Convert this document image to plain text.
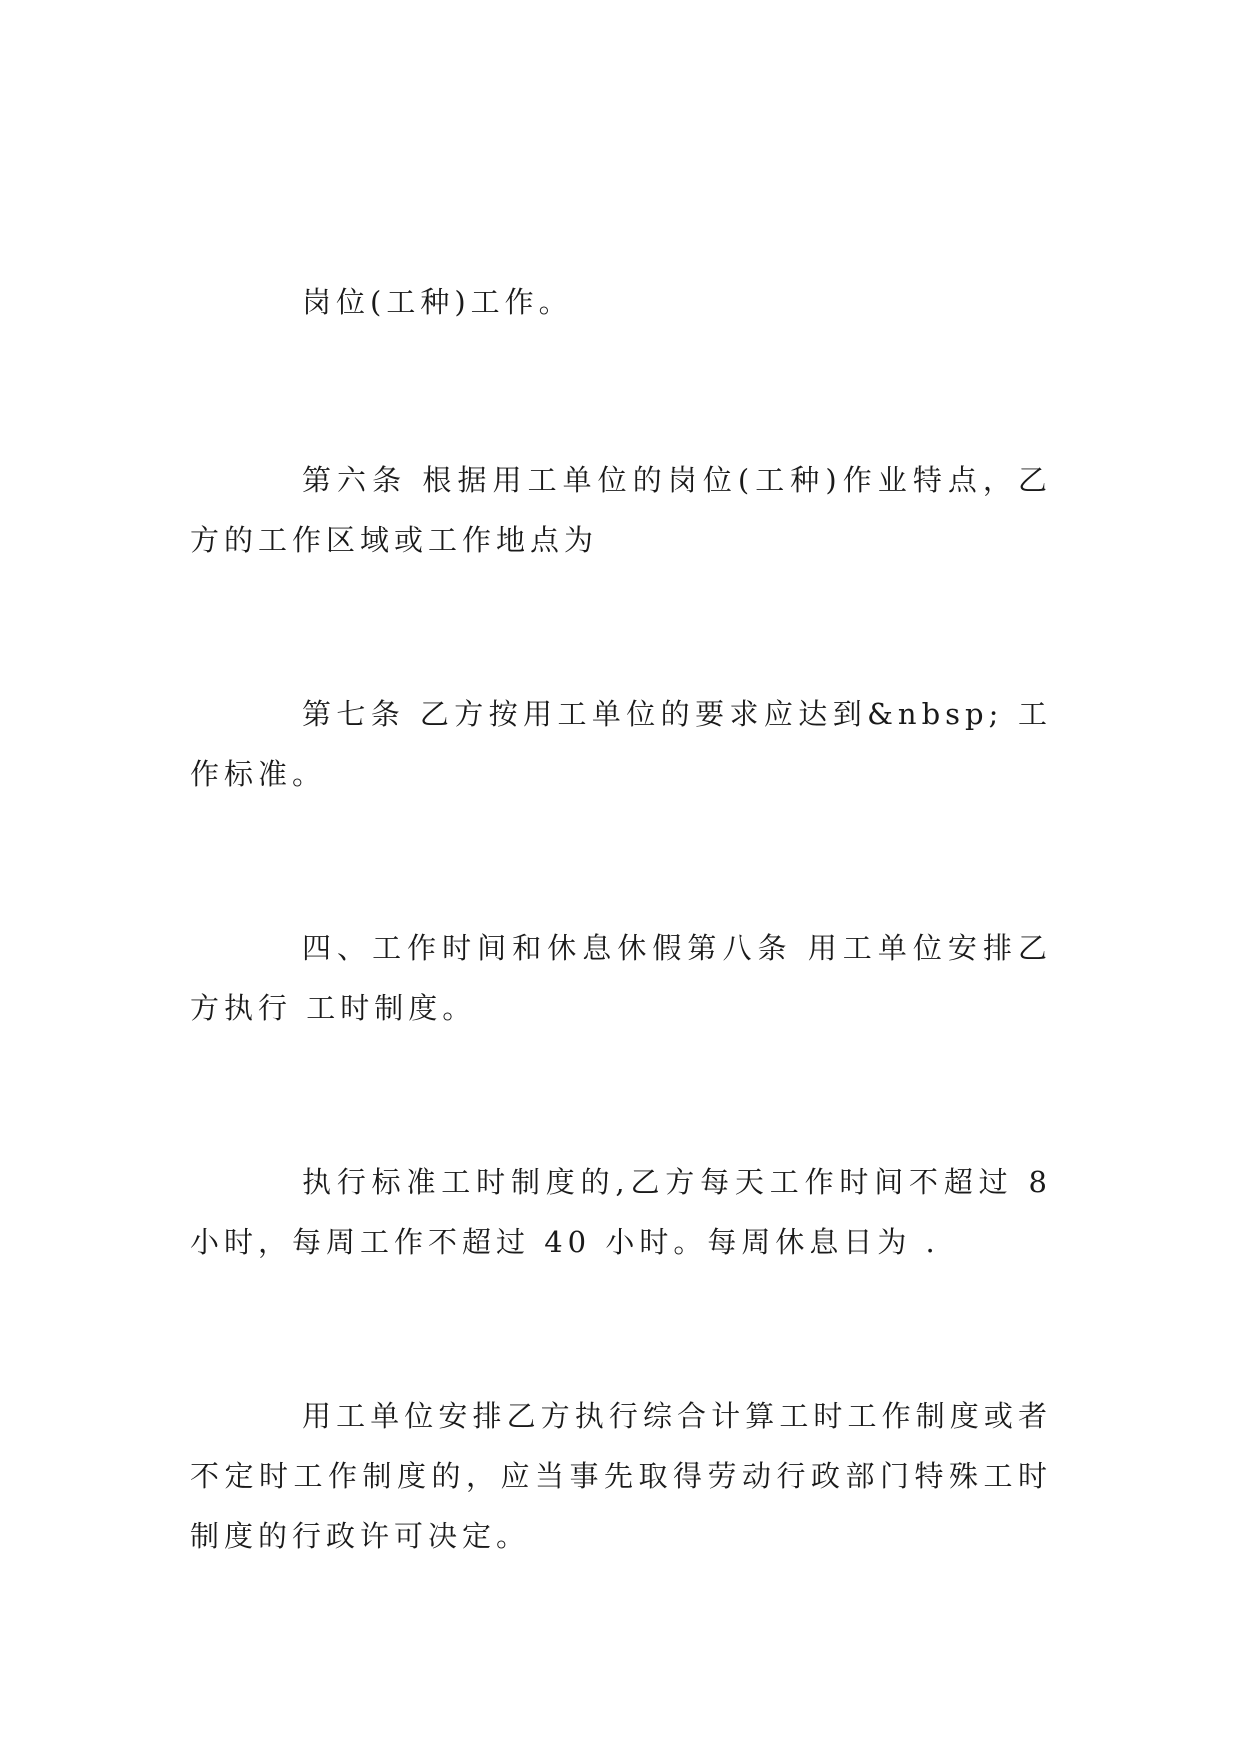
岗位(工种)工作。

第六条 根据用工单位的岗位(工种)作业特点，乙方的工作区域或工作地点为

第七条 乙方按用工单位的要求应达到&nbsp; 工作标准。

四、工作时间和休息休假第八条 用工单位安排乙方执行 工时制度。

执行标准工时制度的,乙方每天工作时间不超过 8 小时，每周工作不超过 40 小时。每周休息日为 .

用工单位安排乙方执行综合计算工时工作制度或者不定时工作制度的，应当事先取得劳动行政部门特殊工时制度的行政许可决定。
